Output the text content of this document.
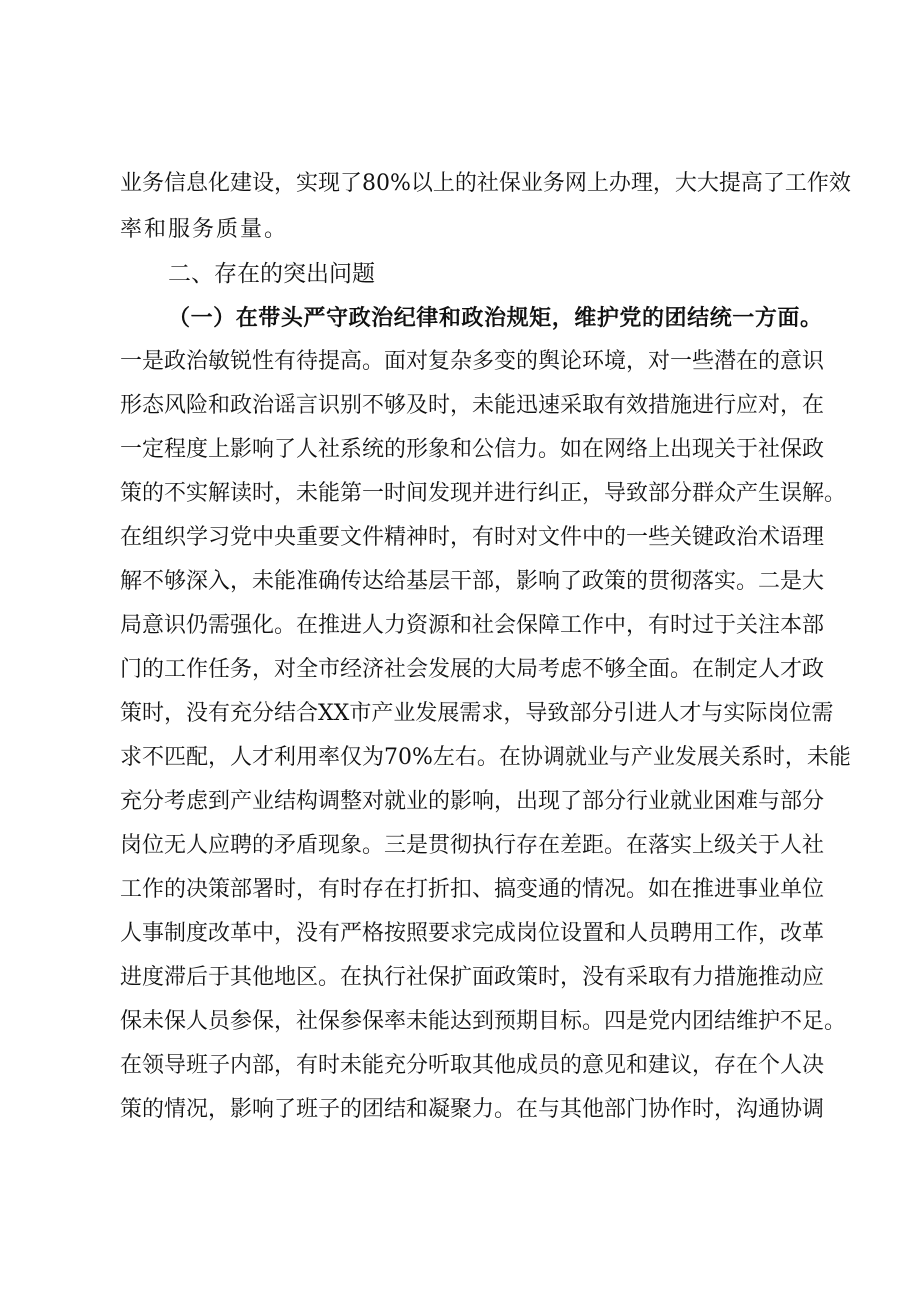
业务信息化建设，实现了80%以上的社保业务网上办理，大大提高了工作效
率和服务质量。
二、存在的突出问题
（一）在带头严守政治纪律和政治规矩，维护党的团结统一方面。
一是政治敏锐性有待提高。面对复杂多变的舆论环境，对一些潜在的意识
形态风险和政治谣言识别不够及时，未能迅速采取有效措施进行应对，在
一定程度上影响了人社系统的形象和公信力。如在网络上出现关于社保政
策的不实解读时，未能第一时间发现并进行纠正，导致部分群众产生误解。
在组织学习党中央重要文件精神时，有时对文件中的一些关键政治术语理
解不够深入，未能准确传达给基层干部，影响了政策的贯彻落实。二是大
局意识仍需强化。在推进人力资源和社会保障工作中，有时过于关注本部
门的工作任务，对全市经济社会发展的大局考虑不够全面。在制定人才政
策时，没有充分结合XX市产业发展需求，导致部分引进人才与实际岗位需
求不匹配，人才利用率仅为70%左右。在协调就业与产业发展关系时，未能
充分考虑到产业结构调整对就业的影响，出现了部分行业就业困难与部分
岗位无人应聘的矛盾现象。三是贯彻执行存在差距。在落实上级关于人社
工作的决策部署时，有时存在打折扣、搞变通的情况。如在推进事业单位
人事制度改革中，没有严格按照要求完成岗位设置和人员聘用工作，改革
进度滞后于其他地区。在执行社保扩面政策时，没有采取有力措施推动应
保未保人员参保，社保参保率未能达到预期目标。四是党内团结维护不足。
在领导班子内部，有时未能充分听取其他成员的意见和建议，存在个人决
策的情况，影响了班子的团结和凝聚力。在与其他部门协作时，沟通协调
